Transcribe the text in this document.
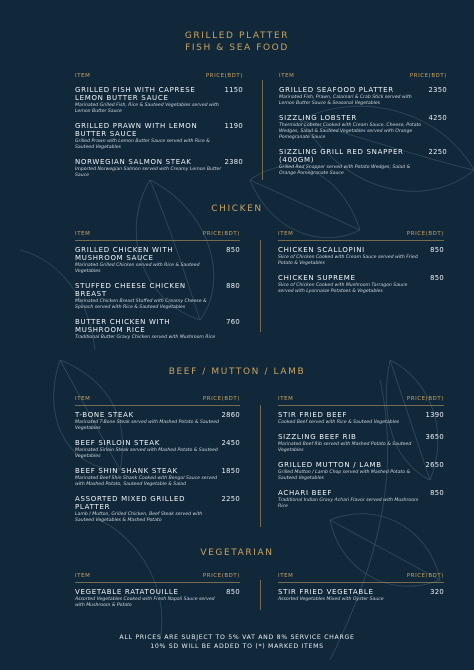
GRILLED PLATTER
FISH & SEA FOOD
ITEM	PRICE(BDT)
GRILLED FISH WITH CAPRESE LEMON BUTTER SAUCE
1150
Marinated Grilled Fish, Rice & Sauteed Vegetables served with Lemon Butter Sauce
GRILLED PRAWN WITH LEMON BUTTER SAUCE
1190
Grilled Prawn with Lemon Butter Sauce served with Rice & Sauteed Vegetables
NORWEGIAN SALMON STEAK	2380
Imported Norwegian Salmon served with Creamy Lemon Butter Sauce
ITEM	PRICE(BDT)
GRILLED SEAFOOD PLATTER	2350
Marinated Fish, Prawn, Calamari & Crab Stick served with Lemon Butter Sauce & Seasonal Vegetables
SIZZLING LOBSTER	4250
Thermidor Lobster Cooked with Cream Sauce, Cheese, Potato Wedges, Salad & Sauteed Vegetables served with Orange Pomegranate Sauce
SIZZLING GRILL RED SNAPPER (400GM)
2250
Grilled Red Snapper served with Potato Wedges, Salad & Orange Pomegranate Sauce
CHICKEN
ITEM	PRICE(BDT)
GRILLED CHICKEN WITH MUSHROOM SAUCE
850
Marinated Grilled Chicken served with Rice & Sauteed Vegetables
STUFFED CHEESE CHICKEN BREAST
880
Marinated Chicken Breast Stuffed with Creamy Cheese & Spinach served with Rice & Sauteed Vegetables
BUTTER CHICKEN WITH MUSHROOM RICE
760
Traditional Butter Gravy Chicken served with Mushroom Rice
ITEM	PRICE(BDT)
CHICKEN SCALLOPINI	850
Slice of Chicken Cooked with Cream Sauce served with Fried Potato & Vegetables
CHICKEN SUPREME	850
Slice of Chicken Cooked with Mushroom Tarragon Sauce served with Lyonnaise Potatoes & Vegetables
BEEF / MUTTON / LAMB
ITEM	PRICE(BDT)
T-BONE STEAK	2860
Marinated T-Bone Steak served with Mashed Potato & Sauteed Vegetables
BEEF SIRLOIN STEAK	2450
Marinated Sirloin Steak served with Mashed Potato & Sauteed Vegetables
BEEF SHIN SHANK STEAK	1850
Marinated Beef Shin Shank Cooked with Bengal Sauce served with Mashed Potato, Sauteed Vegetable & Salad
ASSORTED MIXED GRILLED PLATTER
2250
Lamb / Mutton, Grilled Chicken, Beef Steak served with Sauteed Vegetables & Mashed Potato
ITEM	PRICE(BDT)
STIR FRIED BEEF	1390
Cooked Beef served with Rice & Sauteed Vegetables
SIZZLING BEEF RIB	3650
Marinated Beef Rib served with Mashed Potato & Sauteed Vegetables
GRILLED MUTTON / LAMB	2650
Grilled Mutton / Lamb Chop served with Mashed Potato & Sauteed Vegetables
ACHARI BEEF	850
Traditional Indian Gravy Achari Flavor served with Mushroom Rice
VEGETARIAN
ITEM	PRICE(BDT)
VEGETABLE RATATOUILLE	850
Assorted Vegetables Cooked with Fresh Napoli Sauce served with Mushroom & Potato
ITEM	PRICE(BDT)
STIR FRIED VEGETABLE	320
Assorted Vegetables Mixed with Oyster Sauce
ALL PRICES ARE SUBJECT TO 5% VAT AND 8% SERVICE CHARGE
10% SD WILL BE ADDED TO (*) MARKED ITEMS
